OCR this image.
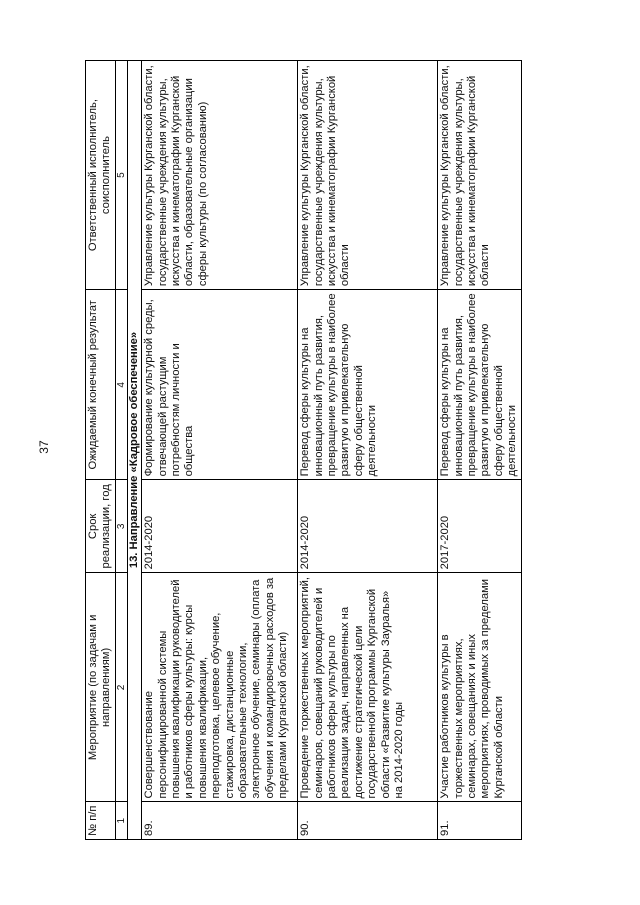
37
№ п/п	Мероприятие (по задачам и направлениям)	Срок реализации, год	Ожидаемый конечный результат	Ответственный исполнитель, соисполнитель
1	2	3	4	5
13. Направление «Кадровое обеспечение»				
89.	Совершенствование персонифицированной системы повышения квалификации руководителей и работников сферы культуры: курсы повышения квалификации, переподготовка, целевое обучение, стажировка, дистанционные образовательные технологии, электронное обучение, семинары (оплата обучения и командировочных расходов за пределами Курганской области)	2014-2020	Формирование культурной среды, отвечающей растущим потребностям личности и общества	Управление культуры Курганской области, государственные учреждения культуры, искусства и кинематографии Курганской области, образовательные организации сферы культуры (по согласованию)
90.	Проведение торжественных мероприятий, семинаров, совещаний руководителей и работников сферы культуры по реализации задач, направленных на достижение стратегической цели государственной программы Курганской области «Развитие культуры Зауралья» на 2014-2020 годы	2014-2020	Перевод сферы культуры на инновационный путь развития, превращение культуры в наиболее развитую и привлекательную сферу общественной деятельности	Управление культуры Курганской области, государственные учреждения культуры, искусства и кинематографии Курганской области
91.	Участие работников культуры в торжественных мероприятиях, семинарах, совещаниях и иных мероприятиях, проводимых за пределами Курганской области	2017-2020	Перевод сферы культуры на инновационный путь развития, превращение культуры в наиболее развитую и привлекательную сферу общественной деятельности	Управление культуры Курганской области, государственные учреждения культуры, искусства и кинематографии Курганской области
